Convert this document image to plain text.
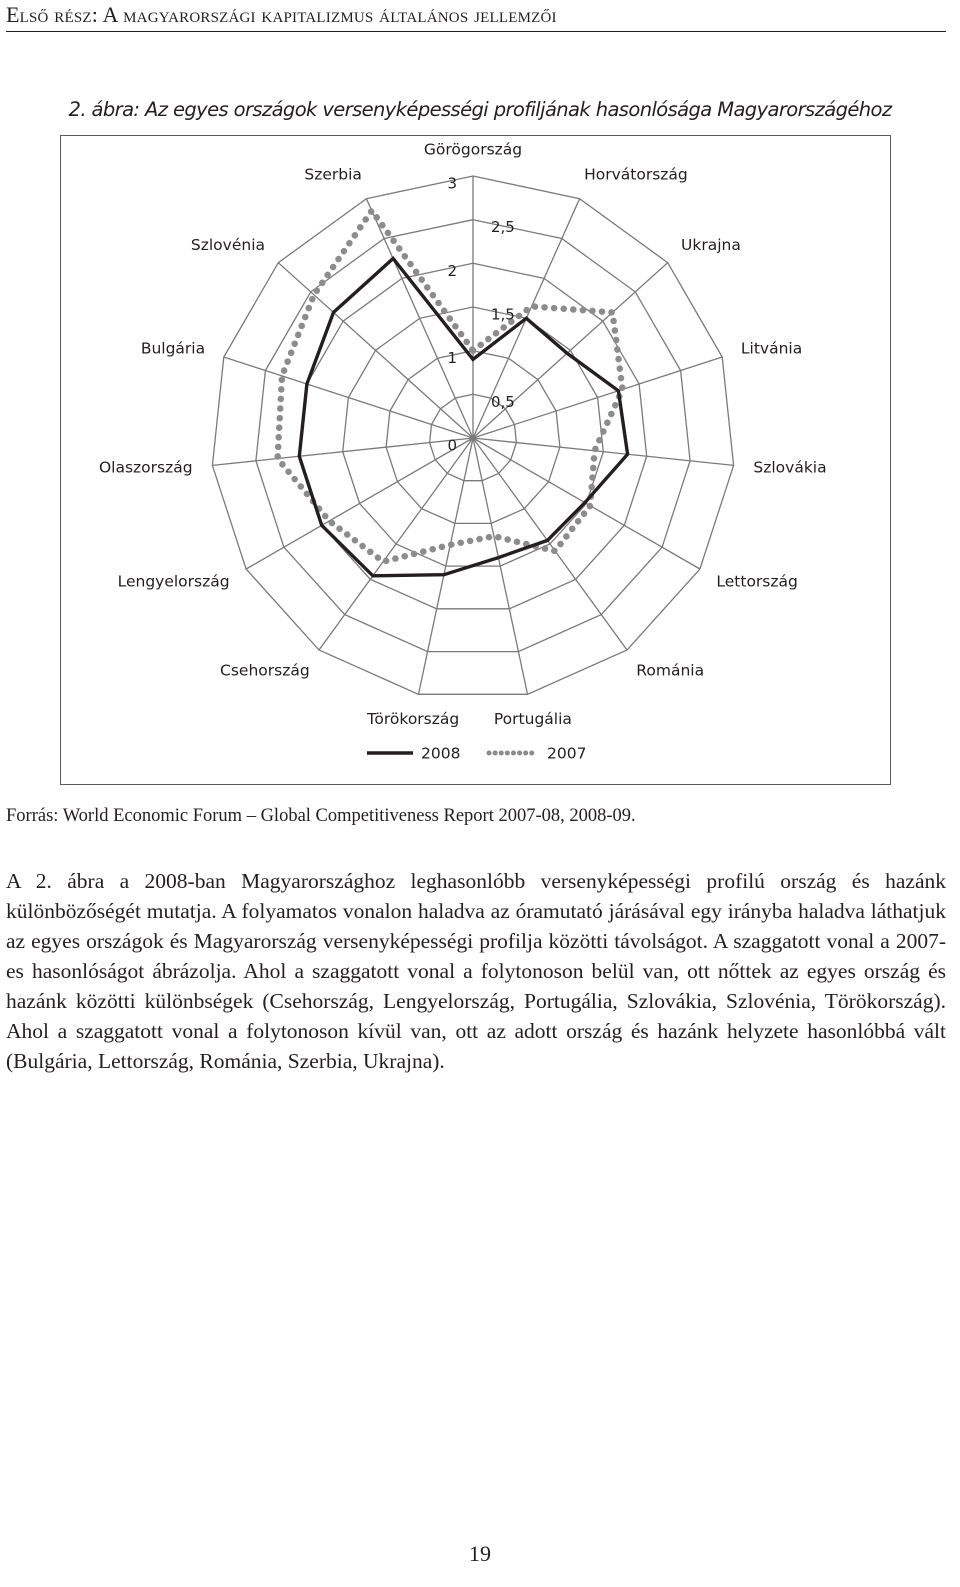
Első rész: A magyarországi kapitalizmus általános jellemzői
2. ábra: Az egyes országok versenyképességi profiljának hasonlósága Magyarországéhoz
0
0,5
1
1,5
2
2,5
3
Görögország
Horvátország
Ukrajna
Litvánia
Szlovákia
Lettország
Románia
Portugália
Törökország
Csehország
Lengyelország
Olaszország
Bulgária
Szlovénia
Szerbia
2008	2007
Forrás: World Economic Forum – Global Competitiveness Report 2007-08, 2008-09.

A 2. ábra a 2008-ban Magyarországhoz leghasonlóbb versenyképességi profilú ország és hazánk különbözőségét mutatja. A folyamatos vonalon haladva az óramutató járásával egy irányba haladva láthatjuk az egyes országok és Magyarország versenyképességi profilja közötti távolságot. A szaggatott vonal a 2007-es hasonlóságot ábrázolja. Ahol a szaggatott vonal a folytonoson belül van, ott nőttek az egyes ország és hazánk közötti különbségek (Csehország, Lengyelország, Portugália, Szlovákia, Szlovénia, Törökország). Ahol a szaggatott vonal a folytonoson kívül van, ott az adott ország és hazánk helyzete hasonlóbbá vált (Bulgária, Lettország, Románia, Szerbia, Ukrajna).

19
